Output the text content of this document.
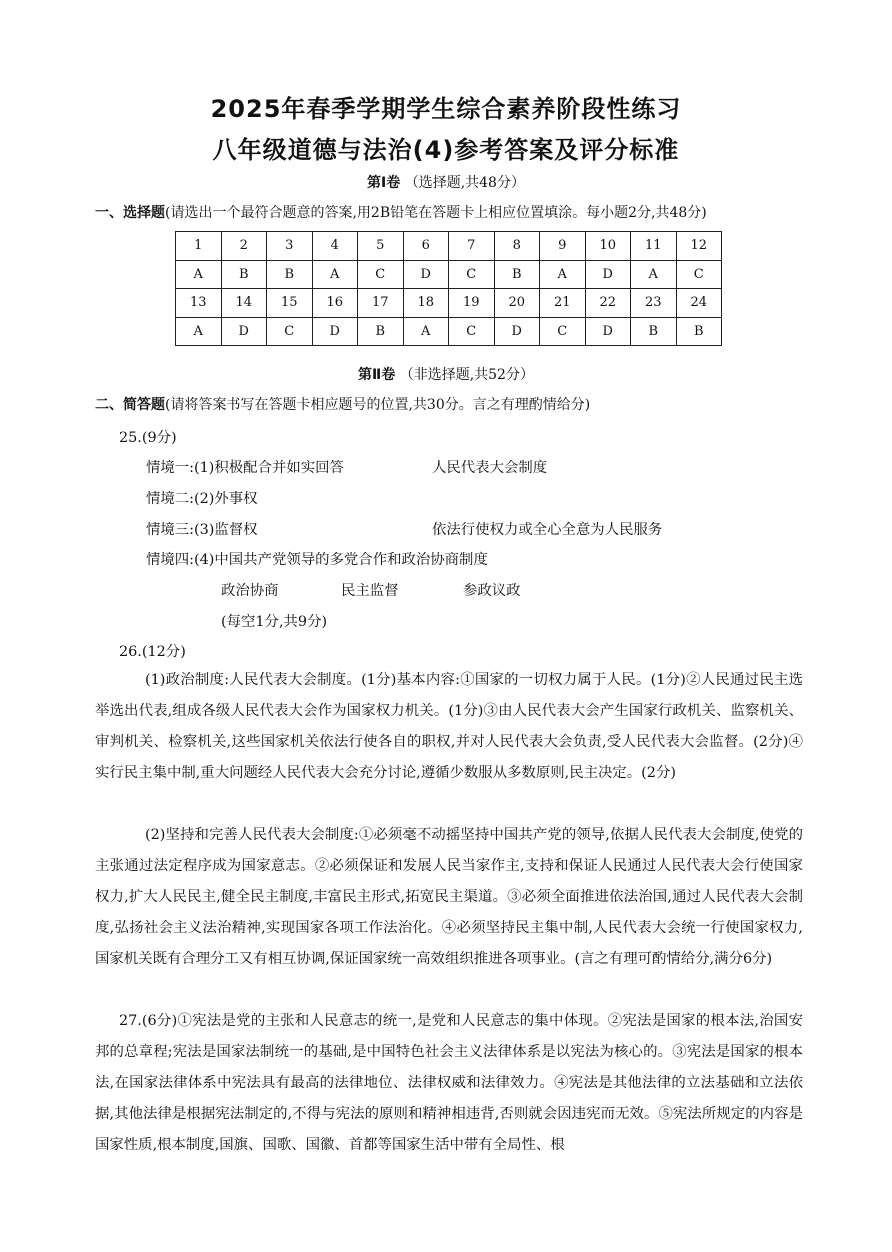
2025年春季学期学生综合素养阶段性练习
八年级道德与法治(4)参考答案及评分标准
第Ⅰ卷 （选择题,共48分）
一、选择题(请选出一个最符合题意的答案,用2B铅笔在答题卡上相应位置填涂。每小题2分,共48分)
1	2	3	4	5	6	7	8	9	10	11	12
A	B	B	A	C	D	C	B	A	D	A	C
13	14	15	16	17	18	19	20	21	22	23	24
A	D	C	D	B	A	C	D	C	D	B	B
第Ⅱ卷 （非选择题,共52分）
二、简答题(请将答案书写在答题卡相应题号的位置,共30分。言之有理酌情给分)
25.(9分)
情境一:(1)积极配合并如实回答	人民代表大会制度
情境二:(2)外事权
情境三:(3)监督权	依法行使权力或全心全意为人民服务
情境四:(4)中国共产党领导的多党合作和政治协商制度
政治协商	民主监督	参政议政
(每空1分,共9分)
26.(12分)
(1)政治制度:人民代表大会制度。(1分)基本内容:①国家的一切权力属于人民。(1分)②人民通过民主选举选出代表,组成各级人民代表大会作为国家权力机关。(1分)③由人民代表大会产生国家行政机关、监察机关、审判机关、检察机关,这些国家机关依法行使各自的职权,并对人民代表大会负责,受人民代表大会监督。(2分)④实行民主集中制,重大问题经人民代表大会充分讨论,遵循少数服从多数原则,民主决定。(2分)
(2)坚持和完善人民代表大会制度:①必须毫不动摇坚持中国共产党的领导,依据人民代表大会制度,使党的主张通过法定程序成为国家意志。②必须保证和发展人民当家作主,支持和保证人民通过人民代表大会行使国家权力,扩大人民民主,健全民主制度,丰富民主形式,拓宽民主渠道。③必须全面推进依法治国,通过人民代表大会制度,弘扬社会主义法治精神,实现国家各项工作法治化。④必须坚持民主集中制,人民代表大会统一行使国家权力,国家机关既有合理分工又有相互协调,保证国家统一高效组织推进各项事业。(言之有理可酌情给分,满分6分)
27.(6分)①宪法是党的主张和人民意志的统一,是党和人民意志的集中体现。②宪法是国家的根本法,治国安邦的总章程;宪法是国家法制统一的基础,是中国特色社会主义法律体系是以宪法为核心的。③宪法是国家的根本法,在国家法律体系中宪法具有最高的法律地位、法律权威和法律效力。④宪法是其他法律的立法基础和立法依据,其他法律是根据宪法制定的,不得与宪法的原则和精神相违背,否则就会因违宪而无效。⑤宪法所规定的内容是国家性质,根本制度,国旗、国歌、国徽、首都等国家生活中带有全局性、根
